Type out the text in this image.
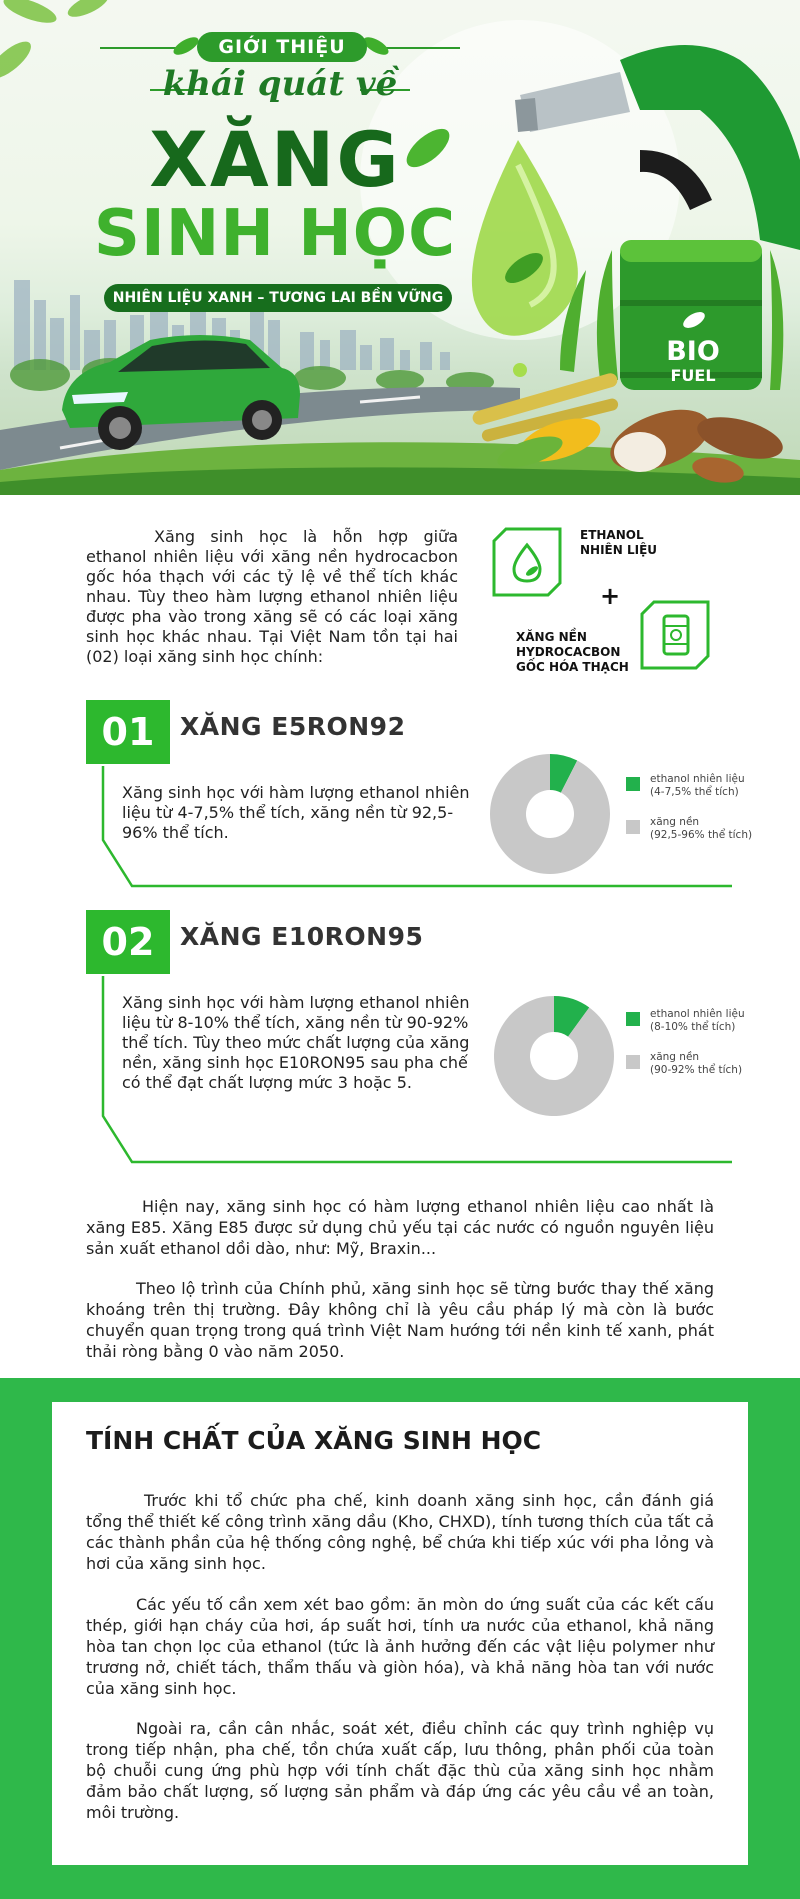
GIỚI THIỆU
khái quát về
XĂNG
SINH HỌC
NHIÊN LIỆU XANH – TƯƠNG LAI BỀN VỮNG
BIO
FUEL
Xăng sinh học là hỗn hợp giữa ethanol nhiên liệu với xăng nền hydrocacbon gốc hóa thạch với các tỷ lệ về thể tích khác nhau. Tùy theo hàm lượng ethanol nhiên liệu được pha vào trong xăng sẽ có các loại xăng sinh học khác nhau. Tại Việt Nam tồn tại hai (02) loại xăng sinh học chính:
ETHANOL
NHIÊN LIỆU
+
XĂNG NỀN
HYDROCACBON
GỐC HÓA THẠCH
01	XĂNG E5RON92
Xăng sinh học với hàm lượng ethanol nhiên liệu từ 4-7,5% thể tích, xăng nền từ 92,5-96% thể tích.
ethanol nhiên liệu
(4-7,5% thể tích)
xăng nền
(92,5-96% thể tích)
02	XĂNG E10RON95
Xăng sinh học với hàm lượng ethanol nhiên liệu từ 8-10% thể tích, xăng nền từ 90-92% thể tích. Tùy theo mức chất lượng của xăng nền, xăng sinh học E10RON95 sau pha chế có thể đạt chất lượng mức 3 hoặc 5.
ethanol nhiên liệu
(8-10% thể tích)
xăng nền
(90-92% thể tích)
Hiện nay, xăng sinh học có hàm lượng ethanol nhiên liệu cao nhất là xăng E85. Xăng E85 được sử dụng chủ yếu tại các nước có nguồn nguyên liệu sản xuất ethanol dồi dào, như: Mỹ, Braxin...
Theo lộ trình của Chính phủ, xăng sinh học sẽ từng bước thay thế xăng khoáng trên thị trường. Đây không chỉ là yêu cầu pháp lý mà còn là bước chuyển quan trọng trong quá trình Việt Nam hướng tới nền kinh tế xanh, phát thải ròng bằng 0 vào năm 2050.
TÍNH CHẤT CỦA XĂNG SINH HỌC
Trước khi tổ chức pha chế, kinh doanh xăng sinh học, cần đánh giá tổng thể thiết kế công trình xăng dầu (Kho, CHXD), tính tương thích của tất cả các thành phần của hệ thống công nghệ, bể chứa khi tiếp xúc với pha lỏng và hơi của xăng sinh học.
Các yếu tố cần xem xét bao gồm: ăn mòn do ứng suất của các kết cấu thép, giới hạn cháy của hơi, áp suất hơi, tính ưa nước của ethanol, khả năng hòa tan chọn lọc của ethanol (tức là ảnh hưởng đến các vật liệu polymer như trương nở, chiết tách, thẩm thấu và giòn hóa), và khả năng hòa tan với nước của xăng sinh học.
Ngoài ra, cần cân nhắc, soát xét, điều chỉnh các quy trình nghiệp vụ trong tiếp nhận, pha chế, tồn chứa xuất cấp, lưu thông, phân phối của toàn bộ chuỗi cung ứng phù hợp với tính chất đặc thù của xăng sinh học nhằm đảm bảo chất lượng, số lượng sản phẩm và đáp ứng các yêu cầu về an toàn, môi trường.
